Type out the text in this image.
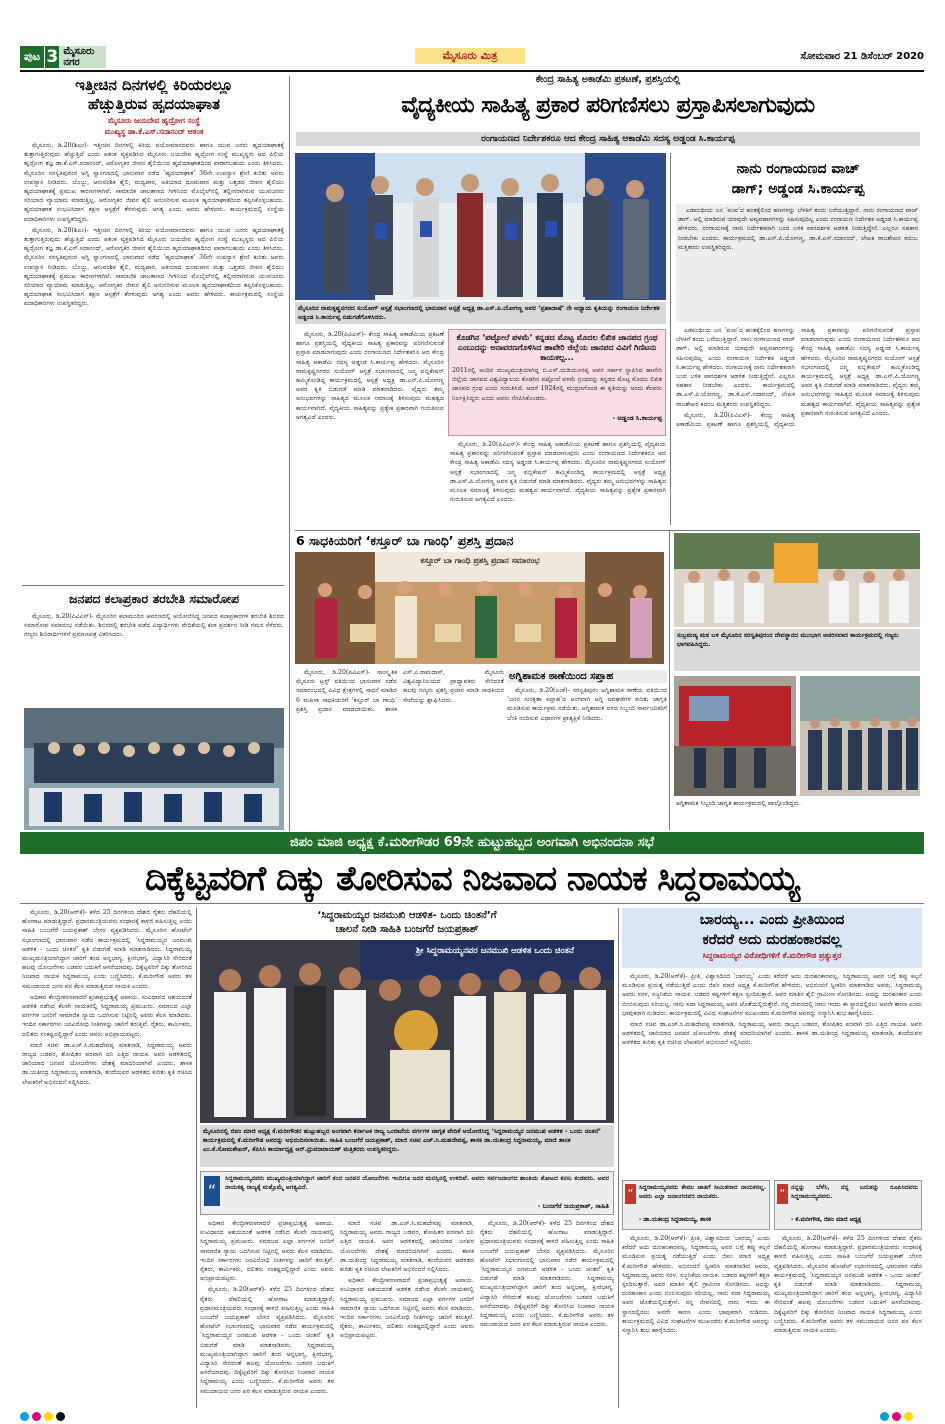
ಪುಟ 3 ಮೈಸೂರು ನಗರ
ಮೈಸೂರು ಮಿತ್ರ	ಸೋಮವಾರ 21 ಡಿಸೆಂಬರ್ 2020
ಇತ್ತೀಚಿನ ದಿನಗಳಲ್ಲಿ ಕಿರಿಯರಲ್ಲೂ
ಹೆಚ್ಚುತ್ತಿರುವ ಹೃದಯಾಘಾತ
ಮೈಸೂರು ಜಯದೇವ ಹೃದ್ರೋಗ ಸಂಸ್ಥೆ
ಮುಖ್ಯಸ್ಥ ಡಾ.ಕೆ.ಎಸ್.ಸದಾನಂದ್ ಆತಂಕ

ಮೈಸೂರು, ಡಿ.20(ಶಿಎಂ)- ಇತ್ತೀಚಿನ ದಿನಗಳಲ್ಲಿ ಕಿರಿಯ ವಯೋಮಾನದವರು ಹಾಗೂ ಯುವ ಜನರು ಹೃದಯಾಘಾತಕ್ಕೆ ತುತ್ತಾಗುತ್ತಿರುವುದು ಹೆಚ್ಚುತ್ತಿದೆ ಎಂದು ಆತಂಕ ವ್ಯಕ್ತಪಡಿಸಿದ ಮೈಸೂರು ಜಯದೇವ ಹೃದ್ರೋಗ ಸಂಸ್ಥೆ ಮುಖ್ಯಸ್ಥರು ಆದ ಪಿಲಿಯ ಹೃದ್ರೋಗ ತಜ್ಞ ಡಾ.ಕೆ.ಎಸ್.ಸದಾನಂದ್, ಆರೋಗ್ಯಕರ ಜೀವನ ಶೈಲಿಯಿಂದ ಹೃದಯಾಘಾತದಿಂದ ಪಾರಾಗಬಹುದು ಎಂದು ತಿಳಿಸಿದರು. ಮೈಸೂರಿನ ಸರಸ್ವತಿಪುರಂನ ಅಗ್ನಿ ಸ್ವಾಂಗಣದಲ್ಲಿ ಭಾನುವಾರ ನಡೆದ ‘ಹೃದಯಾಘಾತ’ 36ನೇ ಉಪನ್ಯಾಸ ಶ್ರೇಣಿ ಕುರಿತು ಅವರು ಉಪನ್ಯಾಸ ನೀಡಿದರು. ಬೊಜ್ಜು, ಆನುವಂಶಿಕ ಶೈಲಿ, ಮದ್ಯಪಾನ, ಅತಿಯಾದ ಧೂಮಪಾನ ಮತ್ತು ಒತ್ತಡದ ಜೀವನ ಶೈಲಿಯು ಹೃದಯಾಘಾತಕ್ಕೆ ಪ್ರಮುಖ ಕಾರಣಗಳಾಗಿವೆ. ಸಾಮಾಜಿಕ ಜಾಲತಾಣದ ಗೀಳಿನಿಂದ ಮೊಬೈಲ್‌ನಲ್ಲಿ ತಲ್ಲೀನರಾಗಿರುವ ಯುವಜನರು ಸರಿಯಾದ ವ್ಯಾಯಾಮ ಮಾಡುತ್ತಿಲ್ಲ. ಆರೋಗ್ಯಕರ ಜೀವನ ಶೈಲಿ ಅನುಸರಿಸುವ ಮೂಲಕ ಹೃದಯಾಘಾತದಿಂದ ತಪ್ಪಿಸಿಕೊಳ್ಳಬಹುದು. ಹೃದಯಾಘಾತ ಸಂಭವಿಸಿದಾಗ ತಕ್ಷಣ ಆಸ್ಪತ್ರೆಗೆ ತೆರಳುವುದು ಅಗತ್ಯ ಎಂದು ಅವರು ಹೇಳಿದರು. ಕಾರ್ಯಕ್ರಮದಲ್ಲಿ ಸಂಸ್ಥೆಯ ಪದಾಧಿಕಾರಿಗಳು ಉಪಸ್ಥಿತರಿದ್ದರು.

ಮೈಸೂರು, ಡಿ.20(ಶಿಎಂ)- ಇತ್ತೀಚಿನ ದಿನಗಳಲ್ಲಿ ಕಿರಿಯ ವಯೋಮಾನದವರು ಹಾಗೂ ಯುವ ಜನರು ಹೃದಯಾಘಾತಕ್ಕೆ ತುತ್ತಾಗುತ್ತಿರುವುದು ಹೆಚ್ಚುತ್ತಿದೆ ಎಂದು ಆತಂಕ ವ್ಯಕ್ತಪಡಿಸಿದ ಮೈಸೂರು ಜಯದೇವ ಹೃದ್ರೋಗ ಸಂಸ್ಥೆ ಮುಖ್ಯಸ್ಥರು ಆದ ಪಿಲಿಯ ಹೃದ್ರೋಗ ತಜ್ಞ ಡಾ.ಕೆ.ಎಸ್.ಸದಾನಂದ್, ಆರೋಗ್ಯಕರ ಜೀವನ ಶೈಲಿಯಿಂದ ಹೃದಯಾಘಾತದಿಂದ ಪಾರಾಗಬಹುದು ಎಂದು ತಿಳಿಸಿದರು. ಮೈಸೂರಿನ ಸರಸ್ವತಿಪುರಂನ ಅಗ್ನಿ ಸ್ವಾಂಗಣದಲ್ಲಿ ಭಾನುವಾರ ನಡೆದ ‘ಹೃದಯಾಘಾತ’ 36ನೇ ಉಪನ್ಯಾಸ ಶ್ರೇಣಿ ಕುರಿತು ಅವರು ಉಪನ್ಯಾಸ ನೀಡಿದರು. ಬೊಜ್ಜು, ಆನುವಂಶಿಕ ಶೈಲಿ, ಮದ್ಯಪಾನ, ಅತಿಯಾದ ಧೂಮಪಾನ ಮತ್ತು ಒತ್ತಡದ ಜೀವನ ಶೈಲಿಯು ಹೃದಯಾಘಾತಕ್ಕೆ ಪ್ರಮುಖ ಕಾರಣಗಳಾಗಿವೆ. ಸಾಮಾಜಿಕ ಜಾಲತಾಣದ ಗೀಳಿನಿಂದ ಮೊಬೈಲ್‌ನಲ್ಲಿ ತಲ್ಲೀನರಾಗಿರುವ ಯುವಜನರು ಸರಿಯಾದ ವ್ಯಾಯಾಮ ಮಾಡುತ್ತಿಲ್ಲ. ಆರೋಗ್ಯಕರ ಜೀವನ ಶೈಲಿ ಅನುಸರಿಸುವ ಮೂಲಕ ಹೃದಯಾಘಾತದಿಂದ ತಪ್ಪಿಸಿಕೊಳ್ಳಬಹುದು. ಹೃದಯಾಘಾತ ಸಂಭವಿಸಿದಾಗ ತಕ್ಷಣ ಆಸ್ಪತ್ರೆಗೆ ತೆರಳುವುದು ಅಗತ್ಯ ಎಂದು ಅವರು ಹೇಳಿದರು. ಕಾರ್ಯಕ್ರಮದಲ್ಲಿ ಸಂಸ್ಥೆಯ ಪದಾಧಿಕಾರಿಗಳು ಉಪಸ್ಥಿತರಿದ್ದರು.

ಜನಪದ ಕಲಾಪ್ರಕಾರ ತರಬೇತಿ ಸಮಾರೋಪ

ಮೈಸೂರು, ಡಿ.20(ಪಿವಿಎಸ್)- ಮೈಸೂರಿನ ಕಲಾಮಂದಿರ ಆವರಣದಲ್ಲಿ ಆಯೋಜಿಸಿದ್ದ ಜನಪದ ಕಲಾಪ್ರಕಾರಗಳ ತರಬೇತಿ ಶಿಬಿರದ ಸಮಾರೋಪ ಸಮಾರಂಭ ನಡೆಯಿತು. ಶಿಬಿರದಲ್ಲಿ ತರಬೇತಿ ಪಡೆದ ವಿದ್ಯಾರ್ಥಿಗಳು ವೇದಿಕೆಯಲ್ಲಿ ಕಲಾ ಪ್ರದರ್ಶನ ನೀಡಿ ಗಮನ ಸೆಳೆದರು. ಗಣ್ಯರು ಶಿಬಿರಾರ್ಥಿಗಳಿಗೆ ಪ್ರಮಾಣಪತ್ರ ವಿತರಿಸಿದರು.

ಕೇಂದ್ರ ಸಾಹಿತ್ಯ ಅಕಾಡೆಮಿ ಪ್ರಕಟಣೆ, ಪ್ರಶಸ್ತಿಯಲ್ಲಿ
ವೈದ್ಯಕೀಯ ಸಾಹಿತ್ಯ ಪ್ರಕಾರ ಪರಿಗಣಿಸಲು ಪ್ರಸ್ತಾಪಿಸಲಾಗುವುದು
ರಂಗಾಯಣದ ನಿರ್ದೇಶಕರೂ ಆದ ಕೇಂದ್ರ ಸಾಹಿತ್ಯ ಅಕಾಡೆಮಿ ಸದಸ್ಯ ಅಡ್ಡಂಡ ಸಿ.ಕಾರ್ಯಪ್ಪ
ಮೈಸೂರಿನ ರಾಮಕೃಷ್ಣನಗರದ ಸುಯೋಗ್ ಆಸ್ಪತ್ರೆ ಸಭಾಂಗಣದಲ್ಲಿ ಭಾನುವಾರ ಆಸ್ಪತ್ರೆ ಅಧ್ಯಕ್ಷ ಡಾ.ಎಸ್.ಪಿ.ಯೋಗಣ್ಣ ಅವರ ‘ಪ್ರಹಾದಾಷೆ’ ನೇ ಅಧ್ಯಾಯ ಕೃತಿಯನ್ನು ರಂಗಾಯಣ ನಿರ್ದೇಶಕ ಅಡ್ಡಂಡ ಸಿ.ಕಾರ್ಯಪ್ಪ ಬಿಡುಗಡೆಗೊಳಿಸಿದರು.

ಮೈಸೂರು, ಡಿ.20(ಪಿವಿಎಸ್)- ಕೇಂದ್ರ ಸಾಹಿತ್ಯ ಅಕಾಡೆಮಿಯ ಪ್ರಕಟಣೆ ಹಾಗೂ ಪ್ರಶಸ್ತಿಯಲ್ಲಿ ವೈದ್ಯಕೀಯ ಸಾಹಿತ್ಯ ಪ್ರಕಾರವನ್ನು ಪರಿಗಣಿಸುವಂತೆ ಪ್ರಸ್ತಾಪ ಮಾಡಲಾಗುವುದು ಎಂದು ರಂಗಾಯಣದ ನಿರ್ದೇಶಕರೂ ಆದ ಕೇಂದ್ರ ಸಾಹಿತ್ಯ ಅಕಾಡೆಮಿ ಸದಸ್ಯ ಅಡ್ಡಂಡ ಸಿ.ಕಾರ್ಯಪ್ಪ ಹೇಳಿದರು. ಮೈಸೂರಿನ ರಾಮಕೃಷ್ಣನಗರದ ಸುಯೋಗ್ ಆಸ್ಪತ್ರೆ ಸಭಾಂಗಣದಲ್ಲಿ ಜನ್ಮ ಪಬ್ಲಿಕೇಷನ್ ಹಮ್ಮಿಕೊಂಡಿದ್ದ ಕಾರ್ಯಕ್ರಮದಲ್ಲಿ ಆಸ್ಪತ್ರೆ ಅಧ್ಯಕ್ಷ ಡಾ.ಎಸ್.ಪಿ.ಯೋಗಣ್ಣ ಅವರ ಕೃತಿ ಬಿಡುಗಡೆ ಮಾಡಿ ಮಾತನಾಡಿದರು. ವೈದ್ಯರು ತಮ್ಮ ಅನುಭವಗಳನ್ನು ಸಾಹಿತ್ಯದ ಮೂಲಕ ಸಮಾಜಕ್ಕೆ ತಿಳಿಸುವುದು ಮಹತ್ವದ ಕಾರ್ಯವಾಗಿದೆ. ವೈದ್ಯಕೀಯ ಸಾಹಿತ್ಯವನ್ನು ಪ್ರತ್ಯೇಕ ಪ್ರಕಾರವಾಗಿ ಗುರುತಿಸುವ ಅಗತ್ಯವಿದೆ ಎಂದರು.

ಮೈಸೂರು, ಡಿ.20(ಪಿವಿಎಸ್)- ಕೇಂದ್ರ ಸಾಹಿತ್ಯ ಅಕಾಡೆಮಿಯ ಪ್ರಕಟಣೆ ಹಾಗೂ ಪ್ರಶಸ್ತಿಯಲ್ಲಿ ವೈದ್ಯಕೀಯ ಸಾಹಿತ್ಯ ಪ್ರಕಾರವನ್ನು ಪರಿಗಣಿಸುವಂತೆ ಪ್ರಸ್ತಾಪ ಮಾಡಲಾಗುವುದು ಎಂದು ರಂಗಾಯಣದ ನಿರ್ದೇಶಕರೂ ಆದ ಕೇಂದ್ರ ಸಾಹಿತ್ಯ ಅಕಾಡೆಮಿ ಸದಸ್ಯ ಅಡ್ಡಂಡ ಸಿ.ಕಾರ್ಯಪ್ಪ ಹೇಳಿದರು. ಮೈಸೂರಿನ ರಾಮಕೃಷ್ಣನಗರದ ಸುಯೋಗ್ ಆಸ್ಪತ್ರೆ ಸಭಾಂಗಣದಲ್ಲಿ ಜನ್ಮ ಪಬ್ಲಿಕೇಷನ್ ಹಮ್ಮಿಕೊಂಡಿದ್ದ ಕಾರ್ಯಕ್ರಮದಲ್ಲಿ ಆಸ್ಪತ್ರೆ ಅಧ್ಯಕ್ಷ ಡಾ.ಎಸ್.ಪಿ.ಯೋಗಣ್ಣ ಅವರ ಕೃತಿ ಬಿಡುಗಡೆ ಮಾಡಿ ಮಾತನಾಡಿದರು. ವೈದ್ಯರು ತಮ್ಮ ಅನುಭವಗಳನ್ನು ಸಾಹಿತ್ಯದ ಮೂಲಕ ಸಮಾಜಕ್ಕೆ ತಿಳಿಸುವುದು ಮಹತ್ವದ ಕಾರ್ಯವಾಗಿದೆ. ವೈದ್ಯಕೀಯ ಸಾಹಿತ್ಯವನ್ನು ಪ್ರತ್ಯೇಕ ಪ್ರಕಾರವಾಗಿ ಗುರುತಿಸುವ ಅಗತ್ಯವಿದೆ ಎಂದರು.

ಕೊಡಗಿನ ‘ಪಟ್ಟೋಲೆ ಪಳಮೆ’ ಕನ್ನಡದ ಮೊಟ್ಟ ಮೊದಲ ಲಿಖಿತ ಜಾನಪದ ಗ್ರಂಥ ಎಂಬುದನ್ನು ಅನಾವರಣಗೊಳಿಸಿದ ಹಾವೇರಿ ಜಿಲ್ಲೆಯ ಜಾನಪದ ವಿವಿಗೆ ಗಿಣಿಟನು ಕಾಯಕಲ್ಪ...
2011ರಲ್ಲಿ ಅಂದಿನ ಮುಖ್ಯಮಂತ್ರಿಯಾಗಿದ್ದ ಬಿ.ಎಸ್.ಯಡಿಯೂರಪ್ಪ ಅವರ ಸರ್ಕಾರ ಸ್ಥಾಪಿಸಿದ ಹಾವೇರಿ ಜಿಲ್ಲೆಯ ಜಾನಪದ ವಿಶ್ವವಿದ್ಯಾಲಯ ಕೊಡಗಿನ ಪಟ್ಟೋಲೆ ಪಳಮೆ ಗ್ರಂಥವನ್ನು ಕನ್ನಡದ ಮೊಟ್ಟ ಮೊದಲ ಲಿಖಿತ ಜಾನಪದ ಗ್ರಂಥ ಎಂದು ಗುರುತಿಸಿದೆ. ಆದರೆ 1924ರಲ್ಲಿ ಮುದ್ರಣಗೊಂಡ ಈ ಕೃತಿಯನ್ನು ಅಂದು ಕೆಲವರು ನಿರ್ಲಕ್ಷಿಸಿದ್ದರು ಎಂದು ಅವರು ನೆನಪಿಸಿಕೊಂಡರು.
- ಅಡ್ಡಂಡ ಸಿ.ಕಾರ್ಯಪ್ಪ
ನಾನು ರಂಗಾಯಣದ ವಾಚ್
ಡಾಗ್; ಅಡ್ಡಂಡ ಸಿ.ಕಾರ್ಯಪ್ಪ

ಎಡಪಂಥೀಯ ಜನ ‘ಪಂಪ’ದ ಹಂತಕ್ಕೆಲಿಂದ ಹಣಗಳನ್ನು ಬೆಳಕಿಗೆ ತಂದು ಬರೆಯುತ್ತಿದ್ದಾರೆ. ನಾನು ರಂಗಾಯಣದ ವಾಚ್ ಡಾಗ್. ಅಲ್ಲಿ ಮಾಡಿರುವ ಯಾವುದೇ ಅವ್ಯವಹಾರಗಳನ್ನು ಸಹಿಸುವುದಿಲ್ಲ ಎಂದು ರಂಗಾಯಣ ನಿರ್ದೇಶಕ ಅಡ್ಡಂಡ ಸಿ.ಕಾರ್ಯಪ್ಪ ಹೇಳಿದರು. ರಂಗಾಯಣಕ್ಕೆ ನಾನು ನಿರ್ದೇಶಕನಾಗಿ ಬಂದ ಬಳಿಕ ಪಾರದರ್ಶಕ ಆಡಳಿತ ನೀಡುತ್ತಿದ್ದೇನೆ. ಎಲ್ಲರೂ ಸಹಕಾರ ನೀಡಬೇಕು ಎಂದರು. ಕಾರ್ಯಕ್ರಮದಲ್ಲಿ ಡಾ.ಎಸ್.ಪಿ.ಯೋಗಣ್ಣ, ಡಾ.ಕೆ.ಎಸ್.ಸದಾನಂದ್, ಲೇಖಕ ರಾಜಶೇಖರ ಕದಂಬ ಮತ್ತಿತರರು ಉಪಸ್ಥಿತರಿದ್ದರು.

ಎಡಪಂಥೀಯ ಜನ ‘ಪಂಪ’ದ ಹಂತಕ್ಕೆಲಿಂದ ಹಣಗಳನ್ನು ಬೆಳಕಿಗೆ ತಂದು ಬರೆಯುತ್ತಿದ್ದಾರೆ. ನಾನು ರಂಗಾಯಣದ ವಾಚ್ ಡಾಗ್. ಅಲ್ಲಿ ಮಾಡಿರುವ ಯಾವುದೇ ಅವ್ಯವಹಾರಗಳನ್ನು ಸಹಿಸುವುದಿಲ್ಲ ಎಂದು ರಂಗಾಯಣ ನಿರ್ದೇಶಕ ಅಡ್ಡಂಡ ಸಿ.ಕಾರ್ಯಪ್ಪ ಹೇಳಿದರು. ರಂಗಾಯಣಕ್ಕೆ ನಾನು ನಿರ್ದೇಶಕನಾಗಿ ಬಂದ ಬಳಿಕ ಪಾರದರ್ಶಕ ಆಡಳಿತ ನೀಡುತ್ತಿದ್ದೇನೆ. ಎಲ್ಲರೂ ಸಹಕಾರ ನೀಡಬೇಕು ಎಂದರು. ಕಾರ್ಯಕ್ರಮದಲ್ಲಿ ಡಾ.ಎಸ್.ಪಿ.ಯೋಗಣ್ಣ, ಡಾ.ಕೆ.ಎಸ್.ಸದಾನಂದ್, ಲೇಖಕ ರಾಜಶೇಖರ ಕದಂಬ ಮತ್ತಿತರರು ಉಪಸ್ಥಿತರಿದ್ದರು.

ಮೈಸೂರು, ಡಿ.20(ಪಿವಿಎಸ್)- ಕೇಂದ್ರ ಸಾಹಿತ್ಯ ಅಕಾಡೆಮಿಯ ಪ್ರಕಟಣೆ ಹಾಗೂ ಪ್ರಶಸ್ತಿಯಲ್ಲಿ ವೈದ್ಯಕೀಯ ಸಾಹಿತ್ಯ ಪ್ರಕಾರವನ್ನು ಪರಿಗಣಿಸುವಂತೆ ಪ್ರಸ್ತಾಪ ಮಾಡಲಾಗುವುದು ಎಂದು ರಂಗಾಯಣದ ನಿರ್ದೇಶಕರೂ ಆದ ಕೇಂದ್ರ ಸಾಹಿತ್ಯ ಅಕಾಡೆಮಿ ಸದಸ್ಯ ಅಡ್ಡಂಡ ಸಿ.ಕಾರ್ಯಪ್ಪ ಹೇಳಿದರು. ಮೈಸೂರಿನ ರಾಮಕೃಷ್ಣನಗರದ ಸುಯೋಗ್ ಆಸ್ಪತ್ರೆ ಸಭಾಂಗಣದಲ್ಲಿ ಜನ್ಮ ಪಬ್ಲಿಕೇಷನ್ ಹಮ್ಮಿಕೊಂಡಿದ್ದ ಕಾರ್ಯಕ್ರಮದಲ್ಲಿ ಆಸ್ಪತ್ರೆ ಅಧ್ಯಕ್ಷ ಡಾ.ಎಸ್.ಪಿ.ಯೋಗಣ್ಣ ಅವರ ಕೃತಿ ಬಿಡುಗಡೆ ಮಾಡಿ ಮಾತನಾಡಿದರು. ವೈದ್ಯರು ತಮ್ಮ ಅನುಭವಗಳನ್ನು ಸಾಹಿತ್ಯದ ಮೂಲಕ ಸಮಾಜಕ್ಕೆ ತಿಳಿಸುವುದು ಮಹತ್ವದ ಕಾರ್ಯವಾಗಿದೆ. ವೈದ್ಯಕೀಯ ಸಾಹಿತ್ಯವನ್ನು ಪ್ರತ್ಯೇಕ ಪ್ರಕಾರವಾಗಿ ಗುರುತಿಸುವ ಅಗತ್ಯವಿದೆ ಎಂದರು.

6 ಸಾಧಕಿಯರಿಗೆ ‘ಕಸ್ತೂರ್ ಬಾ ಗಾಂಧಿ’ ಪ್ರಶಸ್ತಿ ಪ್ರದಾನ
ಕಸ್ತೂರ್ ಬಾ ಗಾಂಧಿ ಪ್ರಶಸ್ತಿ ಪ್ರದಾನ ಸಮಾರಂಭ

ಮೈಸೂರು, ಡಿ.20(ಪಿವಿಎಸ್)- ಸಾಂಸ್ಕೃತಿಕ ಮೈಸೂರು ಟ್ರಸ್ಟ್ ವತಿಯಿಂದ ಭಾನುವಾರ ನಡೆದ ಸಮಾರಂಭದಲ್ಲಿ ವಿವಿಧ ಕ್ಷೇತ್ರಗಳಲ್ಲಿ ಸಾಧನೆ ಮಾಡಿದ 6 ಮಹಿಳಾ ಸಾಧಕಿಯರಿಗೆ ‘ಕಸ್ತೂರ್ ಬಾ ಗಾಂಧಿ’ ಪ್ರಶಸ್ತಿ ಪ್ರದಾನ ಮಾಡಲಾಯಿತು. ಶಾಸಕ ಎಸ್.ಎ.ರಾಮದಾಸ್, ಮೈಸೂರು ವಿಶ್ವವಿದ್ಯಾನಿಲಯದ ಪ್ರಾಧ್ಯಾಪಕರು ಸೇರಿದಂತೆ ಹಲವು ಗಣ್ಯರು ಪ್ರಶಸ್ತಿ ಪ್ರದಾನ ಮಾಡಿ ಸಾಧಕಿಯರ ಸೇವೆಯನ್ನು ಶ್ಲಾಘಿಸಿದರು.

ಅಗ್ನಿಶಾಮಕ ಠಾಣೆಯಿಂದ ಸಪ್ತಾಹ

ಮೈಸೂರು, ಡಿ.20(ಎಂಕೆ)- ಸರಸ್ವತಿಪುರಂ ಅಗ್ನಿಶಾಮಕ ಠಾಣೆಯ ವತಿಯಿಂದ ‘ಜನರ ಸುರಕ್ಷತಾ ಸಪ್ತಾಹ’ದ ಅಂಗವಾಗಿ ಅಗ್ನಿ ಅವಘಡಗಳ ಕುರಿತು ಜಾಗೃತಿ ಮೂಡಿಸುವ ಕಾರ್ಯಕ್ರಮ ನಡೆಯಿತು. ಅಗ್ನಿಶಾಮಕ ದಳದ ಸಿಬ್ಬಂದಿ ಸಾರ್ವಜನಿಕರಿಗೆ ಬೆಂಕಿ ನಂದಿಸುವ ವಿಧಾನಗಳ ಪ್ರಾತ್ಯಕ್ಷಿಕೆ ನೀಡಿದರು.

ಸುಬ್ರಮಣ್ಯ ಮಠ ಬಳಿ ಮೈಸೂರಿನ ಸರಸ್ವತಿಪುರಂನ ದೇವಸ್ಥಾನದ ಮುಂಭಾಗ ಆಚರಿಸಲಾದ ಕಾರ್ಯಕ್ರಮದಲ್ಲಿ ಗಣ್ಯರು ಭಾಗವಹಿಸಿದ್ದರು.
ಅಗ್ನಿಶಾಮಕ ಸಿಬ್ಬಂದಿ ಜಾಗೃತಿ ಕಾರ್ಯಕ್ರಮದಲ್ಲಿ ಪಾಲ್ಗೊಂಡಿದ್ದರು.
ಜಿಪಂ ಮಾಜಿ ಅಧ್ಯಕ್ಷ ಕೆ.ಮರೀಗೌಡರ 69ನೇ ಹುಟ್ಟುಹಬ್ಬದ ಅಂಗವಾಗಿ ಅಭಿನಂದನಾ ಸಭೆ
ದಿಕ್ಕೆಟ್ಟವರಿಗೆ ದಿಕ್ಕು ತೋರಿಸುವ ನಿಜವಾದ ನಾಯಕ ಸಿದ್ದರಾಮಯ್ಯ

ಮೈಸೂರು, ಡಿ.20(ಆರ್‌ಕೆ)- ಕಳೆದ 25 ದಿನಗಳಿಂದ ದೇಶದ ರೈತರು ದೆಹಲಿಯಲ್ಲಿ ಹೋರಾಟ ಮಾಡುತ್ತಿದ್ದಾರೆ. ಪ್ರಧಾನಮಂತ್ರಿಯವರು ಸಂಧಾನಕ್ಕೆ ಕಾಳಜಿ ವಹಿಸುತ್ತಿಲ್ಲ ಎಂದು ಸಾಹಿತಿ ಬಂಜಗೆರೆ ಜಯಪ್ರಕಾಶ್ ಬೇಸರ ವ್ಯಕ್ತಪಡಿಸಿದರು. ಮೈಸೂರಿನ ಹೋಟೆಲ್ ಸಭಾಂಗಣದಲ್ಲಿ ಭಾನುವಾರ ನಡೆದ ಕಾರ್ಯಕ್ರಮದಲ್ಲಿ ‘ಸಿದ್ದರಾಮಯ್ಯರ ಜನಮುಖಿ ಆಡಳಿತ - ಒಂದು ಚಿಂತನೆ’ ಕೃತಿ ಬಿಡುಗಡೆ ಮಾಡಿ ಮಾತನಾಡಿದರು. ಸಿದ್ದರಾಮಯ್ಯ ಮುಖ್ಯಮಂತ್ರಿಯಾಗಿದ್ದಾಗ ಜಾರಿಗೆ ತಂದ ಅನ್ನಭಾಗ್ಯ, ಕ್ಷೀರಭಾಗ್ಯ, ವಿದ್ಯಾಸಿರಿ ಸೇರಿದಂತೆ ಹಲವು ಯೋಜನೆಗಳು ಬಡವರ ಬದುಕಿಗೆ ಆಸರೆಯಾದವು. ದಿಕ್ಕೆಟ್ಟವರಿಗೆ ದಿಕ್ಕು ತೋರಿಸಿದ ನಿಜವಾದ ನಾಯಕ ಸಿದ್ದರಾಮಯ್ಯ ಎಂದು ಬಣ್ಣಿಸಿದರು. ಕೆ.ಮರೀಗೌಡ ಅವರು ತಳ ಸಮುದಾಯದ ಜನರ ಪರ ಕೆಲಸ ಮಾಡುತ್ತಿರುವ ನಾಯಕ ಎಂದರು.

ಅಧಿಕಾರ ಕೇಂದ್ರೀಕರಣವಾದರೆ ಪ್ರಜಾಪ್ರಭುತ್ವಕ್ಕೆ ಅಪಾಯ. ಸಂವಿಧಾನದ ಆಶಯದಂತೆ ಆಡಳಿತ ನಡೆಸಿದ ಕೆಲವೇ ನಾಯಕರಲ್ಲಿ ಸಿದ್ದರಾಮಯ್ಯ ಪ್ರಮುಖರು. ಸಮಾಜದ ಎಲ್ಲಾ ವರ್ಗಗಳ ಜನರಿಗೆ ಸಾಮಾಜಿಕ ನ್ಯಾಯ ಒದಗಿಸುವ ನಿಟ್ಟಿನಲ್ಲಿ ಅವರು ಕೆಲಸ ಮಾಡಿದರು. ಇಂದಿನ ಸರ್ಕಾರಗಳು ಜನವಿರೋಧಿ ನೀತಿಗಳನ್ನು ಜಾರಿಗೆ ತರುತ್ತಿವೆ. ರೈತರು, ಕಾರ್ಮಿಕರು, ದಲಿತರು ಸಂಕಷ್ಟದಲ್ಲಿದ್ದಾರೆ ಎಂದು ಅವರು ಅಭಿಪ್ರಾಯಪಟ್ಟರು.

ಮಾಜಿ ಸಚಿವ ಡಾ.ಎಚ್.ಸಿ.ಮಹದೇವಪ್ಪ ಮಾತನಾಡಿ, ಸಿದ್ದರಾಮಯ್ಯ ಅವರು ರಾಜ್ಯದ ಬಡವರ, ಶೋಷಿತರ ಪರವಾಗಿ ದನಿ ಎತ್ತಿದ ನಾಯಕ. ಅವರ ಆಡಳಿತದಲ್ಲಿ ಜಾರಿಯಾದ ಜನಪರ ಯೋಜನೆಗಳು ದೇಶಕ್ಕೆ ಮಾದರಿಯಾಗಿವೆ ಎಂದರು. ಶಾಸಕ ಡಾ.ಯತೀಂದ್ರ ಸಿದ್ದರಾಮಯ್ಯ ಮಾತನಾಡಿ, ತಂದೆಯವರ ಆಡಳಿತದ ಕುರಿತು ಕೃತಿ ರಚಿಸಿದ ಲೇಖಕರಿಗೆ ಅಭಿನಂದನೆ ಸಲ್ಲಿಸಿದರು.

‘ಸಿದ್ದರಾಮಯ್ಯರ ಜನಮುಖಿ ಆಡಳಿತ- ಒಂದು ಚಿಂತನೆ’ಗೆ
ಚಾಲನೆ ನೀಡಿ ಸಾಹಿತಿ ಬಂಜಗೆರೆ ಜಯಪ್ರಕಾಶ್
ಶ್ರೀ ಸಿದ್ದರಾಮಯ್ಯನವರ ಜನಮುಖಿ ಆಡಳಿತ ಒಂದು ಚಿಂತನೆ
ಮೈಸೂರಿನಲ್ಲಿ ಜಿಪಂ ಮಾಜಿ ಅಧ್ಯಕ್ಷ ಕೆ.ಮರೀಗೌಡರ ಹುಟ್ಟುಹಬ್ಬದ ಅಂಗವಾಗಿ ಕರ್ನಾಟಕ ರಾಜ್ಯ ಒಂದಾನೆಯ ವರ್ಗಗಳ ಜಾಗೃತ ವೇದಿಕೆ ಆಯೋಜಿಸಿದ್ದ ‘ಸಿದ್ದರಾಮಯ್ಯರ ಜನಮುಖಿ ಆಡಳಿತ - ಒಂದು ಚಿಂತನೆ’ ಕಾರ್ಯಕ್ರಮದಲ್ಲಿ ಕೆ.ಮರೀಗೌಡ ಅವರನ್ನು ಅಭಿನಂದಿಸಲಾಯಿತು. ಸಾಹಿತಿ ಬಂಜಗೆರೆ ಜಯಪ್ರಕಾಶ್, ಮಾಜಿ ಸಚಿವ ಎಚ್.ಸಿ.ಮಹದೇವಪ್ಪ, ಶಾಸಕ ಡಾ.ಯತೀಂದ್ರ ಸಿದ್ದರಾಮಯ್ಯ, ಮಾಜಿ ಶಾಸಕ ಎಂ.ಕೆ.ಸೋಮಶೇಖರ್, ಕೆಪಿಸಿಸಿ ಕಾರ್ಯಾಧ್ಯಕ್ಷ ಆರ್.ಧ್ರುವನಾರಾಯಣ್ ಮತ್ತಿತರರು ಉಪಸ್ಥಿತರಿದ್ದರು.
“
ಸಿದ್ದರಾಮಯ್ಯನವರು ಮುಖ್ಯಮಂತ್ರಿಯಾಗಿದ್ದಾಗ ಜಾರಿಗೆ ತಂದ ಜನಪರ ಯೋಜನೆಗಳು ಇಂದಿಗೂ ಜನರ ಮನಸ್ಸಿನಲ್ಲಿ ಉಳಿದಿವೆ. ಅವರು ಸರ್ವಜನಾಂಗದ ಶಾಂತಿಯ ತೋಟದ ಕನಸು ಕಂಡವರು. ಅವರ ನಾಯಕತ್ವ ರಾಜ್ಯಕ್ಕೆ ಮತ್ತೊಮ್ಮೆ ಅಗತ್ಯವಿದೆ.
- ಬಂಜಗೆರೆ ಜಯಪ್ರಕಾಶ್, ಸಾಹಿತಿ

ಅಧಿಕಾರ ಕೇಂದ್ರೀಕರಣವಾದರೆ ಪ್ರಜಾಪ್ರಭುತ್ವಕ್ಕೆ ಅಪಾಯ. ಸಂವಿಧಾನದ ಆಶಯದಂತೆ ಆಡಳಿತ ನಡೆಸಿದ ಕೆಲವೇ ನಾಯಕರಲ್ಲಿ ಸಿದ್ದರಾಮಯ್ಯ ಪ್ರಮುಖರು. ಸಮಾಜದ ಎಲ್ಲಾ ವರ್ಗಗಳ ಜನರಿಗೆ ಸಾಮಾಜಿಕ ನ್ಯಾಯ ಒದಗಿಸುವ ನಿಟ್ಟಿನಲ್ಲಿ ಅವರು ಕೆಲಸ ಮಾಡಿದರು. ಇಂದಿನ ಸರ್ಕಾರಗಳು ಜನವಿರೋಧಿ ನೀತಿಗಳನ್ನು ಜಾರಿಗೆ ತರುತ್ತಿವೆ. ರೈತರು, ಕಾರ್ಮಿಕರು, ದಲಿತರು ಸಂಕಷ್ಟದಲ್ಲಿದ್ದಾರೆ ಎಂದು ಅವರು ಅಭಿಪ್ರಾಯಪಟ್ಟರು.

ಮೈಸೂರು, ಡಿ.20(ಆರ್‌ಕೆ)- ಕಳೆದ 25 ದಿನಗಳಿಂದ ದೇಶದ ರೈತರು ದೆಹಲಿಯಲ್ಲಿ ಹೋರಾಟ ಮಾಡುತ್ತಿದ್ದಾರೆ. ಪ್ರಧಾನಮಂತ್ರಿಯವರು ಸಂಧಾನಕ್ಕೆ ಕಾಳಜಿ ವಹಿಸುತ್ತಿಲ್ಲ ಎಂದು ಸಾಹಿತಿ ಬಂಜಗೆರೆ ಜಯಪ್ರಕಾಶ್ ಬೇಸರ ವ್ಯಕ್ತಪಡಿಸಿದರು. ಮೈಸೂರಿನ ಹೋಟೆಲ್ ಸಭಾಂಗಣದಲ್ಲಿ ಭಾನುವಾರ ನಡೆದ ಕಾರ್ಯಕ್ರಮದಲ್ಲಿ ‘ಸಿದ್ದರಾಮಯ್ಯರ ಜನಮುಖಿ ಆಡಳಿತ - ಒಂದು ಚಿಂತನೆ’ ಕೃತಿ ಬಿಡುಗಡೆ ಮಾಡಿ ಮಾತನಾಡಿದರು. ಸಿದ್ದರಾಮಯ್ಯ ಮುಖ್ಯಮಂತ್ರಿಯಾಗಿದ್ದಾಗ ಜಾರಿಗೆ ತಂದ ಅನ್ನಭಾಗ್ಯ, ಕ್ಷೀರಭಾಗ್ಯ, ವಿದ್ಯಾಸಿರಿ ಸೇರಿದಂತೆ ಹಲವು ಯೋಜನೆಗಳು ಬಡವರ ಬದುಕಿಗೆ ಆಸರೆಯಾದವು. ದಿಕ್ಕೆಟ್ಟವರಿಗೆ ದಿಕ್ಕು ತೋರಿಸಿದ ನಿಜವಾದ ನಾಯಕ ಸಿದ್ದರಾಮಯ್ಯ ಎಂದು ಬಣ್ಣಿಸಿದರು. ಕೆ.ಮರೀಗೌಡ ಅವರು ತಳ ಸಮುದಾಯದ ಜನರ ಪರ ಕೆಲಸ ಮಾಡುತ್ತಿರುವ ನಾಯಕ ಎಂದರು.

ಮಾಜಿ ಸಚಿವ ಡಾ.ಎಚ್.ಸಿ.ಮಹದೇವಪ್ಪ ಮಾತನಾಡಿ, ಸಿದ್ದರಾಮಯ್ಯ ಅವರು ರಾಜ್ಯದ ಬಡವರ, ಶೋಷಿತರ ಪರವಾಗಿ ದನಿ ಎತ್ತಿದ ನಾಯಕ. ಅವರ ಆಡಳಿತದಲ್ಲಿ ಜಾರಿಯಾದ ಜನಪರ ಯೋಜನೆಗಳು ದೇಶಕ್ಕೆ ಮಾದರಿಯಾಗಿವೆ ಎಂದರು. ಶಾಸಕ ಡಾ.ಯತೀಂದ್ರ ಸಿದ್ದರಾಮಯ್ಯ ಮಾತನಾಡಿ, ತಂದೆಯವರ ಆಡಳಿತದ ಕುರಿತು ಕೃತಿ ರಚಿಸಿದ ಲೇಖಕರಿಗೆ ಅಭಿನಂದನೆ ಸಲ್ಲಿಸಿದರು.

ಅಧಿಕಾರ ಕೇಂದ್ರೀಕರಣವಾದರೆ ಪ್ರಜಾಪ್ರಭುತ್ವಕ್ಕೆ ಅಪಾಯ. ಸಂವಿಧಾನದ ಆಶಯದಂತೆ ಆಡಳಿತ ನಡೆಸಿದ ಕೆಲವೇ ನಾಯಕರಲ್ಲಿ ಸಿದ್ದರಾಮಯ್ಯ ಪ್ರಮುಖರು. ಸಮಾಜದ ಎಲ್ಲಾ ವರ್ಗಗಳ ಜನರಿಗೆ ಸಾಮಾಜಿಕ ನ್ಯಾಯ ಒದಗಿಸುವ ನಿಟ್ಟಿನಲ್ಲಿ ಅವರು ಕೆಲಸ ಮಾಡಿದರು. ಇಂದಿನ ಸರ್ಕಾರಗಳು ಜನವಿರೋಧಿ ನೀತಿಗಳನ್ನು ಜಾರಿಗೆ ತರುತ್ತಿವೆ. ರೈತರು, ಕಾರ್ಮಿಕರು, ದಲಿತರು ಸಂಕಷ್ಟದಲ್ಲಿದ್ದಾರೆ ಎಂದು ಅವರು ಅಭಿಪ್ರಾಯಪಟ್ಟರು.

ಮೈಸೂರು, ಡಿ.20(ಆರ್‌ಕೆ)- ಕಳೆದ 25 ದಿನಗಳಿಂದ ದೇಶದ ರೈತರು ದೆಹಲಿಯಲ್ಲಿ ಹೋರಾಟ ಮಾಡುತ್ತಿದ್ದಾರೆ. ಪ್ರಧಾನಮಂತ್ರಿಯವರು ಸಂಧಾನಕ್ಕೆ ಕಾಳಜಿ ವಹಿಸುತ್ತಿಲ್ಲ ಎಂದು ಸಾಹಿತಿ ಬಂಜಗೆರೆ ಜಯಪ್ರಕಾಶ್ ಬೇಸರ ವ್ಯಕ್ತಪಡಿಸಿದರು. ಮೈಸೂರಿನ ಹೋಟೆಲ್ ಸಭಾಂಗಣದಲ್ಲಿ ಭಾನುವಾರ ನಡೆದ ಕಾರ್ಯಕ್ರಮದಲ್ಲಿ ‘ಸಿದ್ದರಾಮಯ್ಯರ ಜನಮುಖಿ ಆಡಳಿತ - ಒಂದು ಚಿಂತನೆ’ ಕೃತಿ ಬಿಡುಗಡೆ ಮಾಡಿ ಮಾತನಾಡಿದರು. ಸಿದ್ದರಾಮಯ್ಯ ಮುಖ್ಯಮಂತ್ರಿಯಾಗಿದ್ದಾಗ ಜಾರಿಗೆ ತಂದ ಅನ್ನಭಾಗ್ಯ, ಕ್ಷೀರಭಾಗ್ಯ, ವಿದ್ಯಾಸಿರಿ ಸೇರಿದಂತೆ ಹಲವು ಯೋಜನೆಗಳು ಬಡವರ ಬದುಕಿಗೆ ಆಸರೆಯಾದವು. ದಿಕ್ಕೆಟ್ಟವರಿಗೆ ದಿಕ್ಕು ತೋರಿಸಿದ ನಿಜವಾದ ನಾಯಕ ಸಿದ್ದರಾಮಯ್ಯ ಎಂದು ಬಣ್ಣಿಸಿದರು. ಕೆ.ಮರೀಗೌಡ ಅವರು ತಳ ಸಮುದಾಯದ ಜನರ ಪರ ಕೆಲಸ ಮಾಡುತ್ತಿರುವ ನಾಯಕ ಎಂದರು.

ಬಾರಯ್ಯ... ಎಂದು ಪ್ರೀತಿಯಿಂದ
ಕರೆದರೆ ಅದು ದುರಹಂಕಾರವಲ್ಲ
ಸಿದ್ದರಾಮಯ್ಯರ ವಿರೋಧಿಗಳಿಗೆ ಕೆ.ಮರೀಗೌಡ ಪ್ರತ್ಯುತ್ತರ

ಮೈಸೂರು, ಡಿ.20(ಆರ್‌ಕೆ)- ಪ್ರೀತಿ, ವಿಶ್ವಾಸದಿಂದ ‘ಬಾರಯ್ಯ’ ಎಂದು ಕರೆದರೆ ಅದು ದುರಹಂಕಾರವಲ್ಲ. ಸಿದ್ದರಾಮಯ್ಯ ಅವರ ಬಗ್ಗೆ ತಪ್ಪು ಕಲ್ಪನೆ ಮೂಡಿಸುವ ಪ್ರಯತ್ನ ನಡೆಯುತ್ತಿದೆ ಎಂದು ಜಿಪಂ ಮಾಜಿ ಅಧ್ಯಕ್ಷ ಕೆ.ಮರೀಗೌಡ ಹೇಳಿದರು. ಅಭಿನಂದನೆ ಸ್ವೀಕರಿಸಿ ಮಾತನಾಡಿದ ಅವರು, ಸಿದ್ದರಾಮಯ್ಯ ಅವರು ಸರಳ, ಸಜ್ಜನಿಕೆಯ ನಾಯಕ. ಬಡವರ ಕಷ್ಟಗಳಿಗೆ ತಕ್ಷಣ ಸ್ಪಂದಿಸುತ್ತಾರೆ. ಅವರ ಮಾತಿನ ಶೈಲಿ ಗ್ರಾಮೀಣ ಸೊಗಡಿನದು. ಅದನ್ನು ದುರಹಂಕಾರ ಎಂದು ಬಿಂಬಿಸುವುದು ಸರಿಯಲ್ಲ. ನಾನು ಸದಾ ಸಿದ್ದರಾಮಯ್ಯ ಅವರ ಜೊತೆಯಲ್ಲಿರುತ್ತೇನೆ. ನನ್ನ ಜೀವನದಲ್ಲಿ ನಾನು ಇಂದು ಈ ಸ್ಥಾನದಲ್ಲಿರಲು ಅವರೇ ಕಾರಣ ಎಂದು ಭಾವುಕರಾಗಿ ನುಡಿದರು. ಕಾರ್ಯಕ್ರಮದಲ್ಲಿ ವಿವಿಧ ಸಂಘಟನೆಗಳ ಮುಖಂಡರು ಕೆ.ಮರೀಗೌಡ ಅವರನ್ನು ಸನ್ಮಾನಿಸಿ ಶುಭ ಹಾರೈಸಿದರು.

ಮಾಜಿ ಸಚಿವ ಡಾ.ಎಚ್.ಸಿ.ಮಹದೇವಪ್ಪ ಮಾತನಾಡಿ, ಸಿದ್ದರಾಮಯ್ಯ ಅವರು ರಾಜ್ಯದ ಬಡವರ, ಶೋಷಿತರ ಪರವಾಗಿ ದನಿ ಎತ್ತಿದ ನಾಯಕ. ಅವರ ಆಡಳಿತದಲ್ಲಿ ಜಾರಿಯಾದ ಜನಪರ ಯೋಜನೆಗಳು ದೇಶಕ್ಕೆ ಮಾದರಿಯಾಗಿವೆ ಎಂದರು. ಶಾಸಕ ಡಾ.ಯತೀಂದ್ರ ಸಿದ್ದರಾಮಯ್ಯ ಮಾತನಾಡಿ, ತಂದೆಯವರ ಆಡಳಿತದ ಕುರಿತು ಕೃತಿ ರಚಿಸಿದ ಲೇಖಕರಿಗೆ ಅಭಿನಂದನೆ ಸಲ್ಲಿಸಿದರು.

“ ಸಿದ್ದರಾಮಯ್ಯನವರು ಕೇವಲ ಜಾತಿಗೆ ಸೀಮಿತರಾದ ನಾಯಕರಲ್ಲ. ಅವರು ಎಲ್ಲಾ ಜನಾಂಗದವರ ನಾಯಕರು.
- ಡಾ.ಯತೀಂದ್ರ ಸಿದ್ದರಾಮಯ್ಯ, ಶಾಸಕ
“ ನನ್ನನ್ನು ಬೆಳೆಸಿ, ನನ್ನ ಬದುಕನ್ನು ರೂಪಿಸಿದವರು ಸಿದ್ದರಾಮಯ್ಯನವರು.
- ಕೆ.ಮರೀಗೌಡ, ಜಿಪಂ ಮಾಜಿ ಅಧ್ಯಕ್ಷ

ಮೈಸೂರು, ಡಿ.20(ಆರ್‌ಕೆ)- ಪ್ರೀತಿ, ವಿಶ್ವಾಸದಿಂದ ‘ಬಾರಯ್ಯ’ ಎಂದು ಕರೆದರೆ ಅದು ದುರಹಂಕಾರವಲ್ಲ. ಸಿದ್ದರಾಮಯ್ಯ ಅವರ ಬಗ್ಗೆ ತಪ್ಪು ಕಲ್ಪನೆ ಮೂಡಿಸುವ ಪ್ರಯತ್ನ ನಡೆಯುತ್ತಿದೆ ಎಂದು ಜಿಪಂ ಮಾಜಿ ಅಧ್ಯಕ್ಷ ಕೆ.ಮರೀಗೌಡ ಹೇಳಿದರು. ಅಭಿನಂದನೆ ಸ್ವೀಕರಿಸಿ ಮಾತನಾಡಿದ ಅವರು, ಸಿದ್ದರಾಮಯ್ಯ ಅವರು ಸರಳ, ಸಜ್ಜನಿಕೆಯ ನಾಯಕ. ಬಡವರ ಕಷ್ಟಗಳಿಗೆ ತಕ್ಷಣ ಸ್ಪಂದಿಸುತ್ತಾರೆ. ಅವರ ಮಾತಿನ ಶೈಲಿ ಗ್ರಾಮೀಣ ಸೊಗಡಿನದು. ಅದನ್ನು ದುರಹಂಕಾರ ಎಂದು ಬಿಂಬಿಸುವುದು ಸರಿಯಲ್ಲ. ನಾನು ಸದಾ ಸಿದ್ದರಾಮಯ್ಯ ಅವರ ಜೊತೆಯಲ್ಲಿರುತ್ತೇನೆ. ನನ್ನ ಜೀವನದಲ್ಲಿ ನಾನು ಇಂದು ಈ ಸ್ಥಾನದಲ್ಲಿರಲು ಅವರೇ ಕಾರಣ ಎಂದು ಭಾವುಕರಾಗಿ ನುಡಿದರು. ಕಾರ್ಯಕ್ರಮದಲ್ಲಿ ವಿವಿಧ ಸಂಘಟನೆಗಳ ಮುಖಂಡರು ಕೆ.ಮರೀಗೌಡ ಅವರನ್ನು ಸನ್ಮಾನಿಸಿ ಶುಭ ಹಾರೈಸಿದರು.

ಮೈಸೂರು, ಡಿ.20(ಆರ್‌ಕೆ)- ಕಳೆದ 25 ದಿನಗಳಿಂದ ದೇಶದ ರೈತರು ದೆಹಲಿಯಲ್ಲಿ ಹೋರಾಟ ಮಾಡುತ್ತಿದ್ದಾರೆ. ಪ್ರಧಾನಮಂತ್ರಿಯವರು ಸಂಧಾನಕ್ಕೆ ಕಾಳಜಿ ವಹಿಸುತ್ತಿಲ್ಲ ಎಂದು ಸಾಹಿತಿ ಬಂಜಗೆರೆ ಜಯಪ್ರಕಾಶ್ ಬೇಸರ ವ್ಯಕ್ತಪಡಿಸಿದರು. ಮೈಸೂರಿನ ಹೋಟೆಲ್ ಸಭಾಂಗಣದಲ್ಲಿ ಭಾನುವಾರ ನಡೆದ ಕಾರ್ಯಕ್ರಮದಲ್ಲಿ ‘ಸಿದ್ದರಾಮಯ್ಯರ ಜನಮುಖಿ ಆಡಳಿತ - ಒಂದು ಚಿಂತನೆ’ ಕೃತಿ ಬಿಡುಗಡೆ ಮಾಡಿ ಮಾತನಾಡಿದರು. ಸಿದ್ದರಾಮಯ್ಯ ಮುಖ್ಯಮಂತ್ರಿಯಾಗಿದ್ದಾಗ ಜಾರಿಗೆ ತಂದ ಅನ್ನಭಾಗ್ಯ, ಕ್ಷೀರಭಾಗ್ಯ, ವಿದ್ಯಾಸಿರಿ ಸೇರಿದಂತೆ ಹಲವು ಯೋಜನೆಗಳು ಬಡವರ ಬದುಕಿಗೆ ಆಸರೆಯಾದವು. ದಿಕ್ಕೆಟ್ಟವರಿಗೆ ದಿಕ್ಕು ತೋರಿಸಿದ ನಿಜವಾದ ನಾಯಕ ಸಿದ್ದರಾಮಯ್ಯ ಎಂದು ಬಣ್ಣಿಸಿದರು. ಕೆ.ಮರೀಗೌಡ ಅವರು ತಳ ಸಮುದಾಯದ ಜನರ ಪರ ಕೆಲಸ ಮಾಡುತ್ತಿರುವ ನಾಯಕ ಎಂದರು.
